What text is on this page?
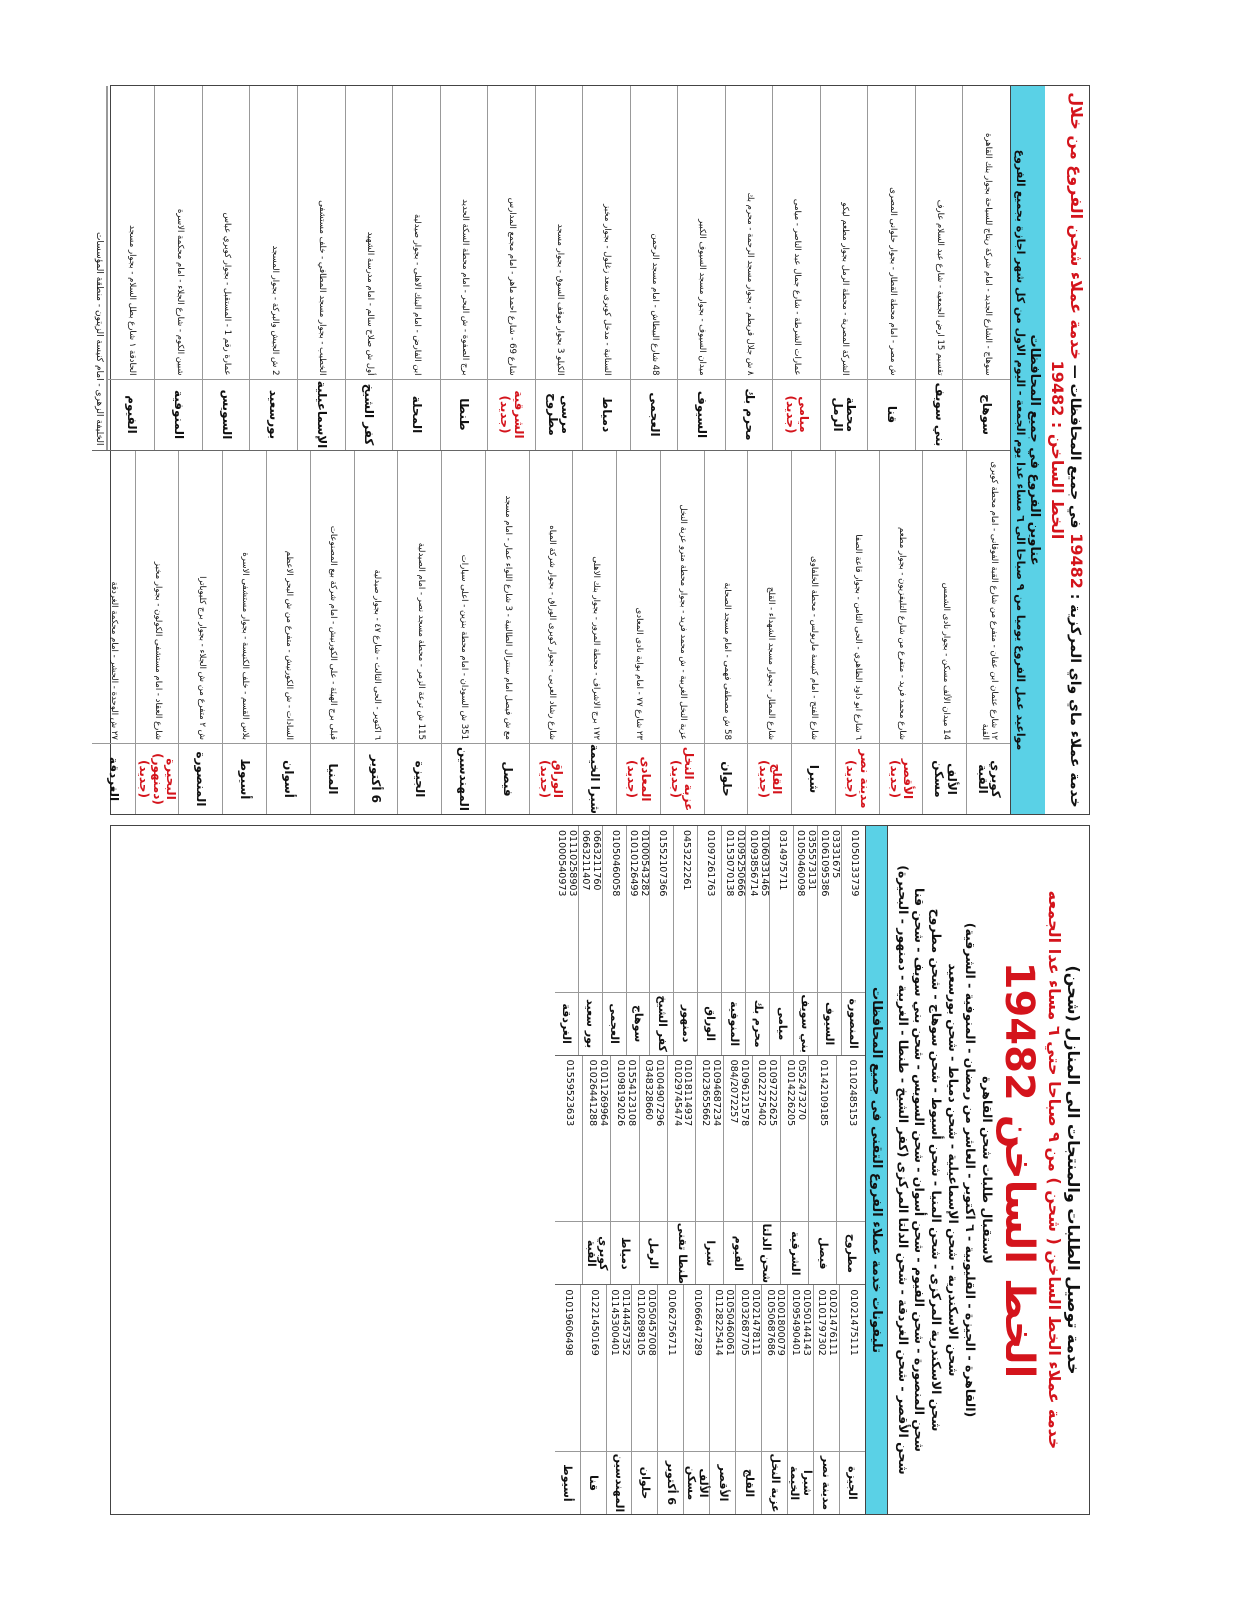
خدمة عملاء ماي واي المركزية : 19482 في جميع المحافظات — خدمة عملاء شحن الفروع من خلال الخط الساخن : 19482
عناوين الفروع في جميع المحافظات
مواعيد عمل الفروع يوميا من ٩ صباحا الى ٦ مساء عدا يوم الجمعة - اليوم الاول من كل شهر اجازة بجميع الفروع
كوبري القبة
١٢ شارع عثمان ابن عفان - متفرع من شارع القبة الفوقانى - امام محطة كوبرى القبة
الألف مسكن
14 ميدان الألف مسكن - بجوار نادى الشمس
الأقصر (جديد)
شارع محمد فريد - متفرع من شارع التليفزيون - بجوار مطعم
مدينة نصر (جديد)
٦ شارع ابو داود الظاهري - الحى الثامن - بجوار قاعة الصفا
شبرا
شارع الفتح - امام كنيسة ماربولس - محطة الخلفاوى
القلج (جديد)
شارع المطار - بجوار مسجد الشهداء - القلج
حلوان
58 ش مصطفى فهمى - امام مسجد الصحابة
عزبة النخل (جديد)
عزبة النخل الغربية - ش محمد فريد - بجوار محطة مترو عزبة النخل
المعادى (جديد)
٢٣ شارع ٧٧ - امام بوابة نادى المعادى
شبرا الخيمة
١٧٢ برج الاشراف - محطة المرور - بجوار بنك الاهلى
الوراق (جديد)
شارع رشاد العربى - بجوار كوبرى الوراق - بجوار شركة المياه
فيصل
مع ش فيصل امام سنترال الطالبية - 3 شارع اللواء عمار - امام مسجد
المهندسين
351 ش السودان - امام محطة بنزين - اعلى سيارات
الجيزة
115 ش ترعة الزمر - محطة مسجد نصر - امام الصيدلية
6 أكتوبر
٦ اكتوبر - الحى الثالث - شارع ٤٧ - بجوار صيدلية
المنيا
قبلى برج الهيئة - على الكورنيش - امام شركة بيع المصنوعات
أسوان
السادات - ش الكورنيش - متفرع من ش البحر الاعظم
أسيوط
بلاس القسم - خلف الكنيسة - بجوار مستشفى الاسرة
المنصورة
ش ٢ متفرع من ش الجلاء - بجوار برج كليوباترا
البحيرة (دمنهور) (جديد)
شارع العقاد - امام مستشفى الكولون - بجوار مخبز
الغردقة
٢٧ ش الوحدة - الحشر - امام محكمة الغردقة
سوهاج
سوهاج - الشارع الجديد - امام شركة ريتاج للسياحة بجوار بنك القاهرة
بني سويف
تقسيم 15 ارض الجمعية - شارع عبد السلام عارف
قنا
ش مصر - امام محطة القطار - بجوار حلوانى المصرى
محطة الرمل
الشركة المصرية - محطة الرمل بجوار مطعم ليكو
ميامى (جديد)
عمارات الشرطة - شارع جمال عبد الناصر - ميامى
محرم بك
٨ ش جلال قريطم - بجوار مسجد الرحمة - محرم بك
السيوف
ميدان السيوف - بجوار مسجد السيوف الكبير
العجمى
48 شارع البيطاش - امام مسجد الرحمن
دمياط
السنانية - مدخل كوبرى سعد زغلول - بجوار مخبز
مرسى مطروح
الكيلو 3 بجوار موقف السوق - بجوار مسجد
الشرقية (جديد)
شارع 69 - شارع احمد ماهر - امام مجمع المدارس
طنطا
برج الصفوة - ش البحر - امام محطة السكة الحديد
المحلة
ابن الفارض - امام البنك الاهلى - بجوار صيدلية
كفر الشيخ
أول ش صلاح سالم - امام مدرسة الشهيد
الإسماعيلية
الخطيب - بجوار مسجد المطافي - خلف مستشفى
بورسعيد
2 ش الجيش والبركة - بجوار المسجد
السويس
عمارة رقم 1 - المستقبل - بجوار كوبري عباس
المنوفية
شبين الكوم - شارع الجلاء - امام محكمة الاسرة
الفيوم
الحادقة ١ شارع بطل السلام - بجوار مسجد
الخليفة الزهرى - امام كنيسة الزيتون - منطقة المؤسسات
خدمة توصيل الطلبات والمنتجات الى المنازل (شحن)
خدمة عملاء الخط الساخن ( شحن ) من ٩ صباحا حتي ٦ مساء عدا الجمعه
الخط الساخن 19482
لاستقبال طلبات شحن القاهرة
(القاهرة - الجيزة - القليوبية - ٦ اكتوبر - العاشر من رمضان - المنوفية - الشرقية)
شحن الاسكندرية - شحن الإسماعيلية - شحن دمياط - شحن بورسعيد
شحن الاسكندرية المركزى - شحن المنيا - شحن أسيوط - شحن سوهاج - شحن مطروح
شحن المنصورة - شحن الفيوم - شحن أسوان - شحن السويس - شحن بني سويف - شحن قنا
شحن الأقصر - شحن الغردقة - شحن الدلتا المركزى (كفر الشيخ - طنطا - الغربية - دمنهور - البحيرة)
تليفونات خدمة عملاء الفروع التقنى فى جميع المحافظات
الجيزة
01021475111
مدينة نصر
01021476111
01101797302
شبرا الخيمة
01050144143
01095490401
عزبة النخل
01001800079
01050687686
القلج
01021478111
01032687705
الأقصر
01050460061
01128225414
الألف مسكن
01066647289
6 أكتوبر
01062756711
حلوان
01050457008
01102898105
المهندسين
01144457352
01145300401
قنا
01221450169
أسيوط
01019606498
مطروح
01102485153
فيصل
01142109185
الشرقية
0552473270
01014226205
شحن الدلتا
01097222625
01022275402
الفيوم
01096121578
084/2072257
شبرا
01094687234
01023655662
طنطا تقنى
01018114937
01029745474
الرمل
01004907296
0348328660
دمياط
01554123108
01098192026
كوبري القبة
01011269964
01026441288
01559523633
المنصورة
01050133739
السيوف
03331675
01061095386
بني سويف
0355573131
01050460098
ميامى
0314975711
محرم بك
01060331465
01093856714
المنوفية
01095250666
01153070138
الوراق
01097261763
دمنهور
0453222261
كفر الشيخ
01552107366
سوهاج
01000543282
01010126499
العجمى
01050460058
بور سعيد
0663211760
0663211407
الغردقة
01110258903
01000540973
